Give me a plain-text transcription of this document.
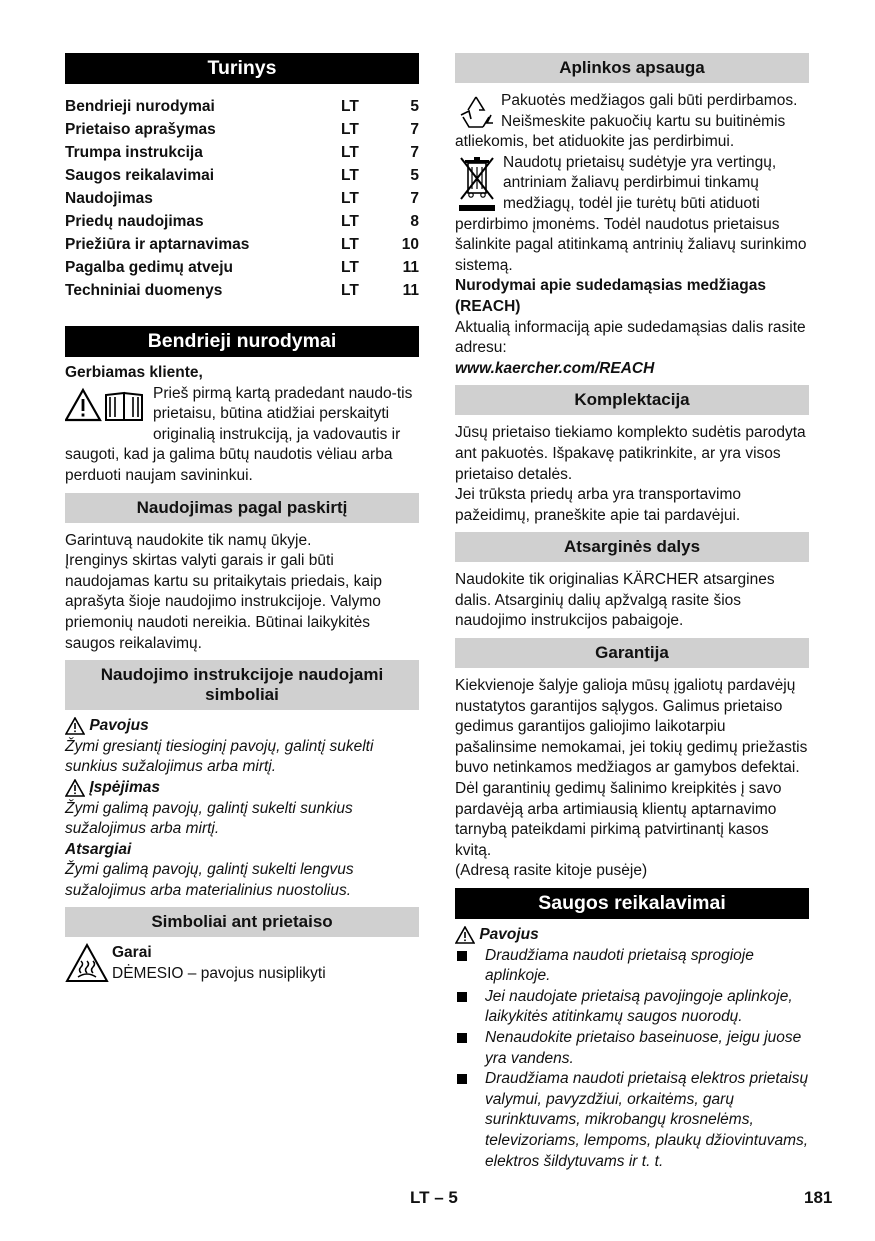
Turinys
Bendrieji nurodymai	LT	5
Prietaiso aprašymas	LT	7
Trumpa instrukcija	LT	7
Saugos reikalavimai	LT	5
Naudojimas	LT	7
Priedų naudojimas	LT	8
Priežiūra ir aptarnavimas	LT	10
Pagalba gedimų atveju	LT	11
Techniniai duomenys	LT	11
Bendrieji nurodymai

Gerbiamas kliente,

Prieš pirmą kartą pradedant naudo-tis prietaisu, būtina atidžiai perskaityti originalią instrukciją, ja vadovautis ir saugoti, kad ja galima būtų naudotis vėliau arba perduoti naujam savininkui.

Naudojimas pagal paskirtį

Garintuvą naudokite tik namų ūkyje.

Įrenginys skirtas valyti garais ir gali būti naudojamas kartu su pritaikytais priedais, kaip aprašyta šioje naudojimo instrukcijoje. Valymo priemonių naudoti nereikia. Būtinai laikykitės saugos reikalavimų.

Naudojimo instrukcijoje naudojami simboliai

Pavojus

Žymi gresiantį tiesioginį pavojų, galintį sukelti sunkius sužalojimus arba mirtį.

Įspėjimas

Žymi galimą pavojų, galintį sukelti sunkius sužalojimus arba mirtį.

Atsargiai

Žymi galimą pavojų, galintį sukelti lengvus sužalojimus arba materialinius nuostolius.

Simboliai ant prietaiso

Garai

DĖMESIO – pavojus nusiplikyti

Aplinkos apsauga

Pakuotės medžiagos gali būti perdirbamos. Neišmeskite pakuočių kartu su buitinėmis atliekomis, bet atiduokite jas perdirbimui.

Naudotų prietaisų sudėtyje yra vertingų, antriniam žaliavų perdirbimui tinkamų medžiagų, todėl jie turėtų būti atiduoti perdirbimo įmonėms. Todėl naudotus prietaisus šalinkite pagal atitinkamą antrinių žaliavų surinkimo sistemą.

Nurodymai apie sudedamąsias medžiagas (REACH)

Aktualią informaciją apie sudedamąsias dalis rasite adresu:

www.kaercher.com/REACH

Komplektacija

Jūsų prietaiso tiekiamo komplekto sudėtis parodyta ant pakuotės. Išpakavę patikrinkite, ar yra visos prietaiso detalės.

Jei trūksta priedų arba yra transportavimo pažeidimų, praneškite apie tai pardavėjui.

Atsarginės dalys

Naudokite tik originalias KÄRCHER atsargines dalis. Atsarginių dalių apžvalgą rasite šios naudojimo instrukcijos pabaigoje.

Garantija

Kiekvienoje šalyje galioja mūsų įgaliotų pardavėjų nustatytos garantijos sąlygos. Galimus prietaiso gedimus garantijos galiojimo laikotarpiu pašalinsime nemokamai, jei tokių gedimų priežastis buvo netinkamos medžiagos ar gamybos defektai. Dėl garantinių gedimų šalinimo kreipkitės į savo pardavėją arba artimiausią klientų aptarnavimo tarnybą pateikdami pirkimą patvirtinantį kasos kvitą.

(Adresą rasite kitoje pusėje)

Saugos reikalavimai

Pavojus

Draudžiama naudoti prietaisą sprogioje aplinkoje.
Jei naudojate prietaisą pavojingoje aplinkoje, laikykitės atitinkamų saugos nuorodų.
Nenaudokite prietaiso baseinuose, jeigu juose yra vandens.
Draudžiama naudoti prietaisą elektros prietaisų valymui, pavyzdžiui, orkaitėms, garų surinktuvams, mikrobangų krosnelėms, televizoriams, lempoms, plaukų džiovintuvams, elektros šildytuvams ir t. t.
LT – 5	181
